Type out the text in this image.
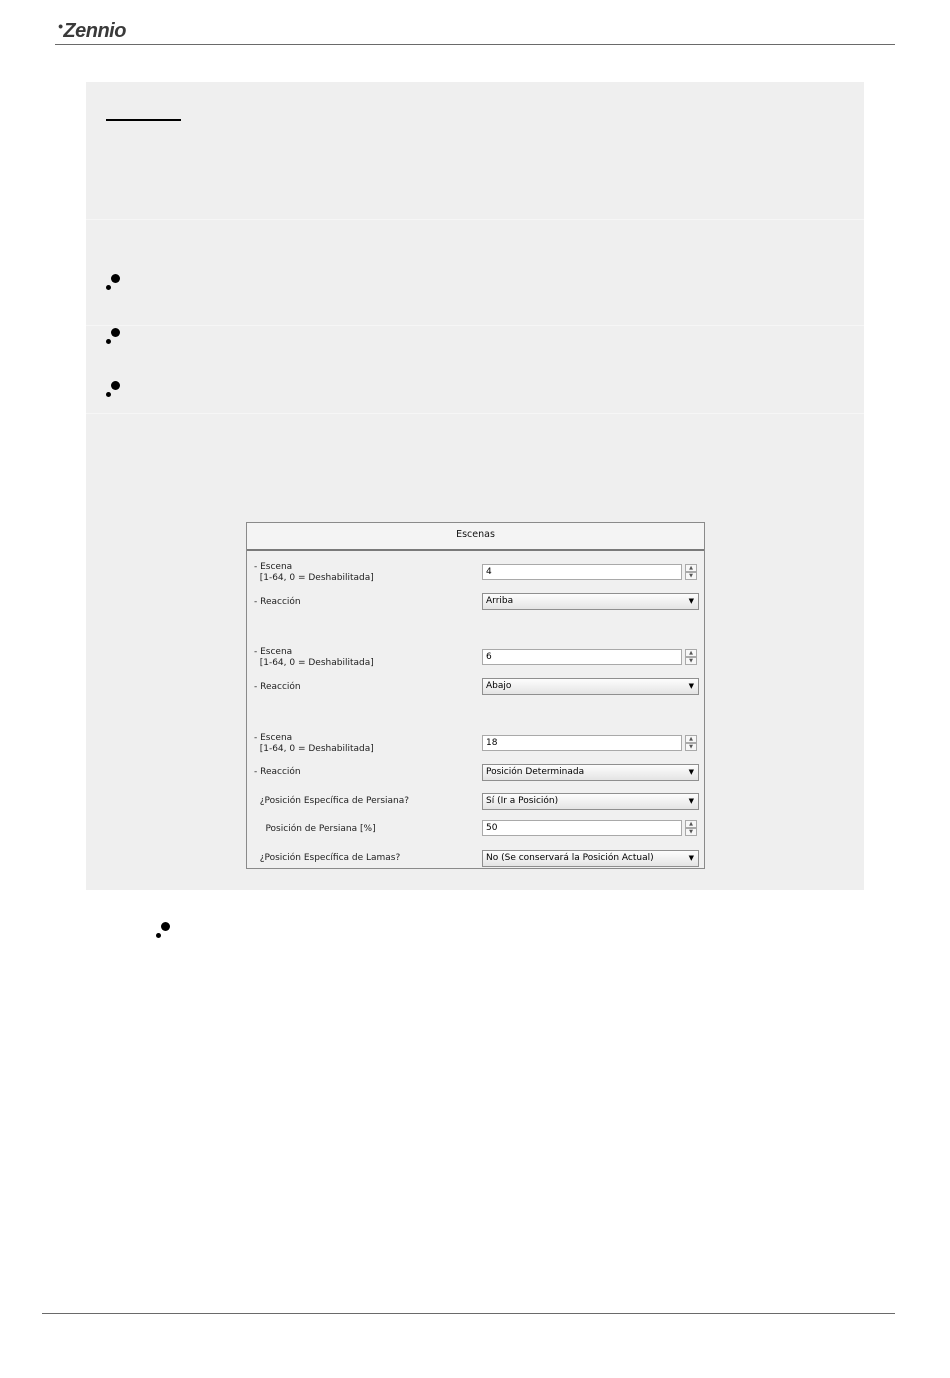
•Zennio
Escenas
- Escena
[1-64, 0 = Deshabilitada]
4	▲
▼
- Reacción	Arriba	▼
- Escena
[1-64, 0 = Deshabilitada]
6	▲
▼
- Reacción	Abajo	▼
- Escena
[1-64, 0 = Deshabilitada]
18	▲
▼
- Reacción	Posición Determinada	▼
¿Posición Específica de Persiana?	Sí (Ir a Posición)	▼
Posición de Persiana [%]	50	▲
▼
¿Posición Específica de Lamas?	No (Se conservará la Posición Actual)	▼
